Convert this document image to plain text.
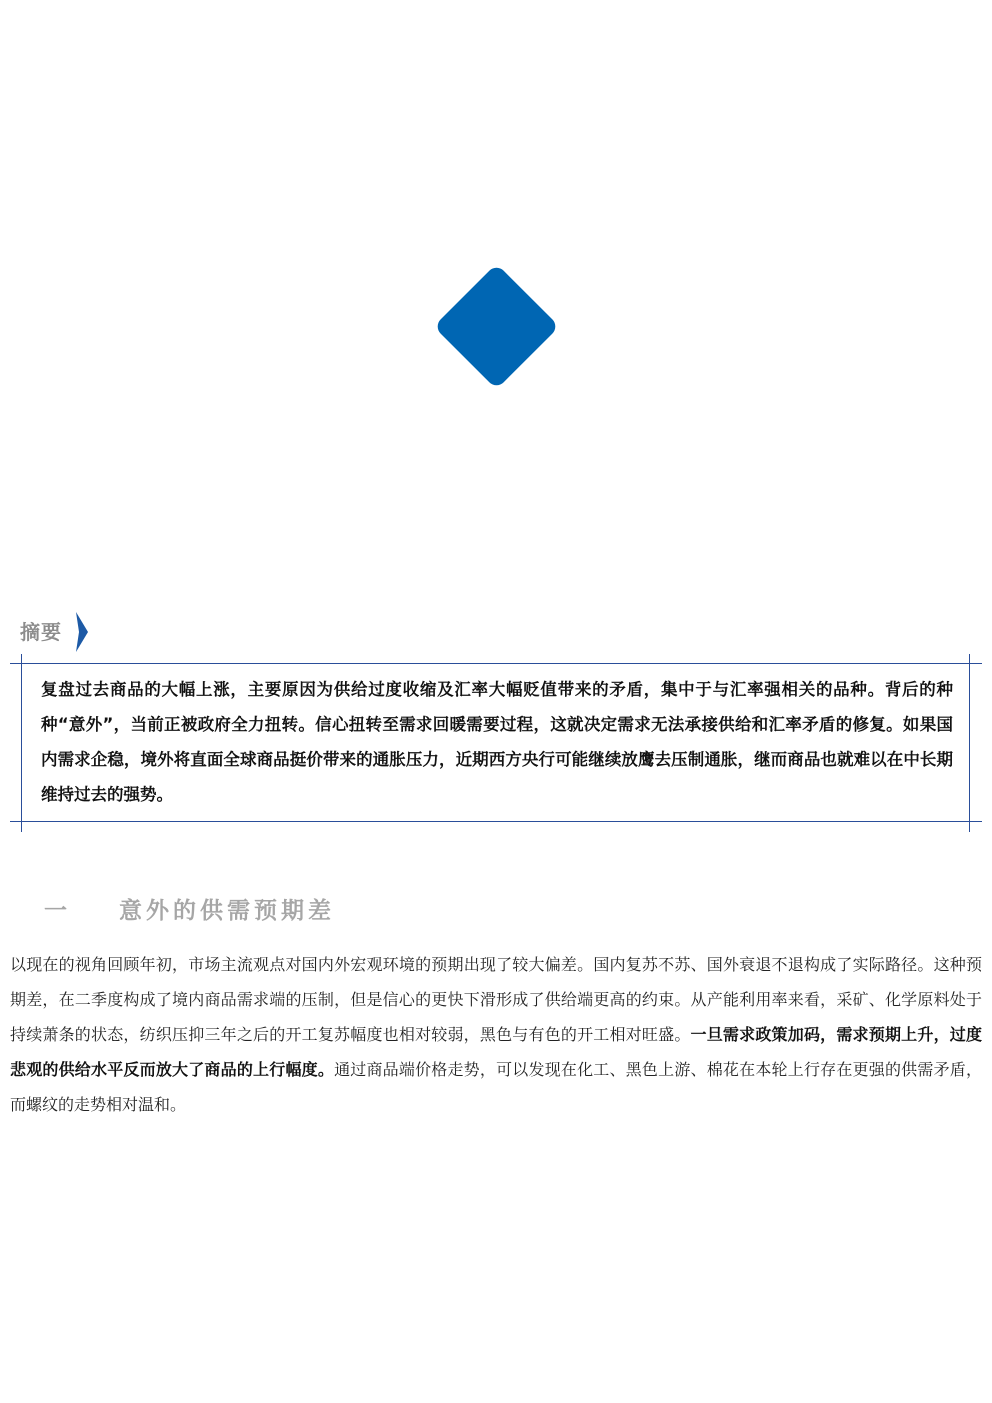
摘要

复盘过去商品的大幅上涨，主要原因为供给过度收缩及汇率大幅贬值带来的矛盾，集中于与汇率强相关的品种。背后的种种“意外”，当前正被政府全力扭转。信心扭转至需求回暖需要过程，这就决定需求无法承接供给和汇率矛盾的修复。如果国内需求企稳，境外将直面全球商品挺价带来的通胀压力，近期西方央行可能继续放鹰去压制通胀，继而商品也就难以在中长期维持过去的强势。

一	意外的供需预期差

以现在的视角回顾年初，市场主流观点对国内外宏观环境的预期出现了较大偏差。国内复苏不苏、国外衰退不退构成了实际路径。这种预期差，在二季度构成了境内商品需求端的压制，但是信心的更快下滑形成了供给端更高的约束。从产能利用率来看，采矿、化学原料处于持续萧条的状态，纺织压抑三年之后的开工复苏幅度也相对较弱，黑色与有色的开工相对旺盛。一旦需求政策加码，需求预期上升，过度悲观的供给水平反而放大了商品的上行幅度。通过商品端价格走势，可以发现在化工、黑色上游、棉花在本轮上行存在更强的供需矛盾，而螺纹的走势相对温和。
